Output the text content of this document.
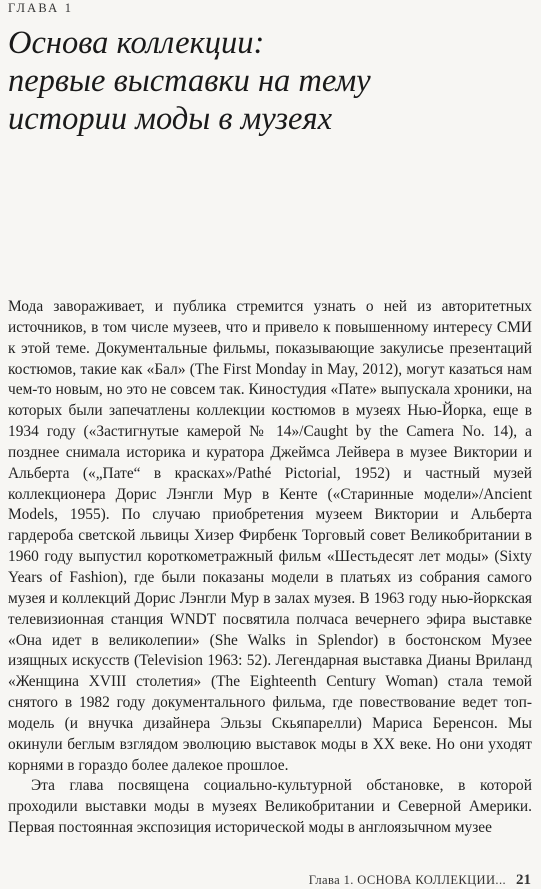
ГЛАВА 1
Основа коллекции:
первые выставки на тему
истории моды в музеях

Мода завораживает, и публика стремится узнать о ней из авторитетных источников, в том числе музеев, что и привело к повышенному интересу СМИ к этой теме. Документальные фильмы, показывающие закулисье презентаций костюмов, такие как «Бал» (The First Monday in May, 2012), могут казаться нам чем-то новым, но это не совсем так. Киностудия «Пате» выпускала хроники, на которых были запечатлены коллекции костюмов в музеях Нью-Йорка, еще в 1934 году («Застигнутые камерой № 14»/Caught by the Camera No. 14), а позднее снимала историка и куратора Джеймса Лейвера в музее Виктории и Альберта («„Пате“ в красках»/Pathé Pictorial, 1952) и частный музей коллекционера Дорис Лэнгли Мур в Кенте («Старинные модели»/Ancient Models, 1955). По случаю приобретения музеем Виктории и Альберта гардероба светской львицы Хизер Фирбенк Торговый совет Великобритании в 1960 году выпустил короткометражный фильм «Шестьдесят лет моды» (Sixty Years of Fashion), где были показаны модели в платьях из собрания самого музея и коллекций Дорис Лэнгли Мур в залах музея. В 1963 году нью-йоркская телевизионная станция WNDT посвятила полчаса вечернего эфира выставке «Она идет в великолепии» (She Walks in Splendor) в бостонском Музее изящных искусств (Television 1963: 52). Легендарная выставка Дианы Вриланд «Женщина XVIII столетия» (The Eighteenth Century Woman) стала темой снятого в 1982 году документального фильма, где повествование ведет топ-модель (и внучка дизайнера Эльзы Скьяпарелли) Мариса Беренсон. Мы окинули беглым взглядом эволюцию выставок моды в XX веке. Но они уходят корнями в гораздо более далекое прошлое.

Эта глава посвящена социально-культурной обстановке, в которой проходили выставки моды в музеях Великобритании и Северной Америки. Первая постоянная экспозиция исторической моды в англоязычном музее

Глава 1. ОСНОВА КОЛЛЕКЦИИ... 21
